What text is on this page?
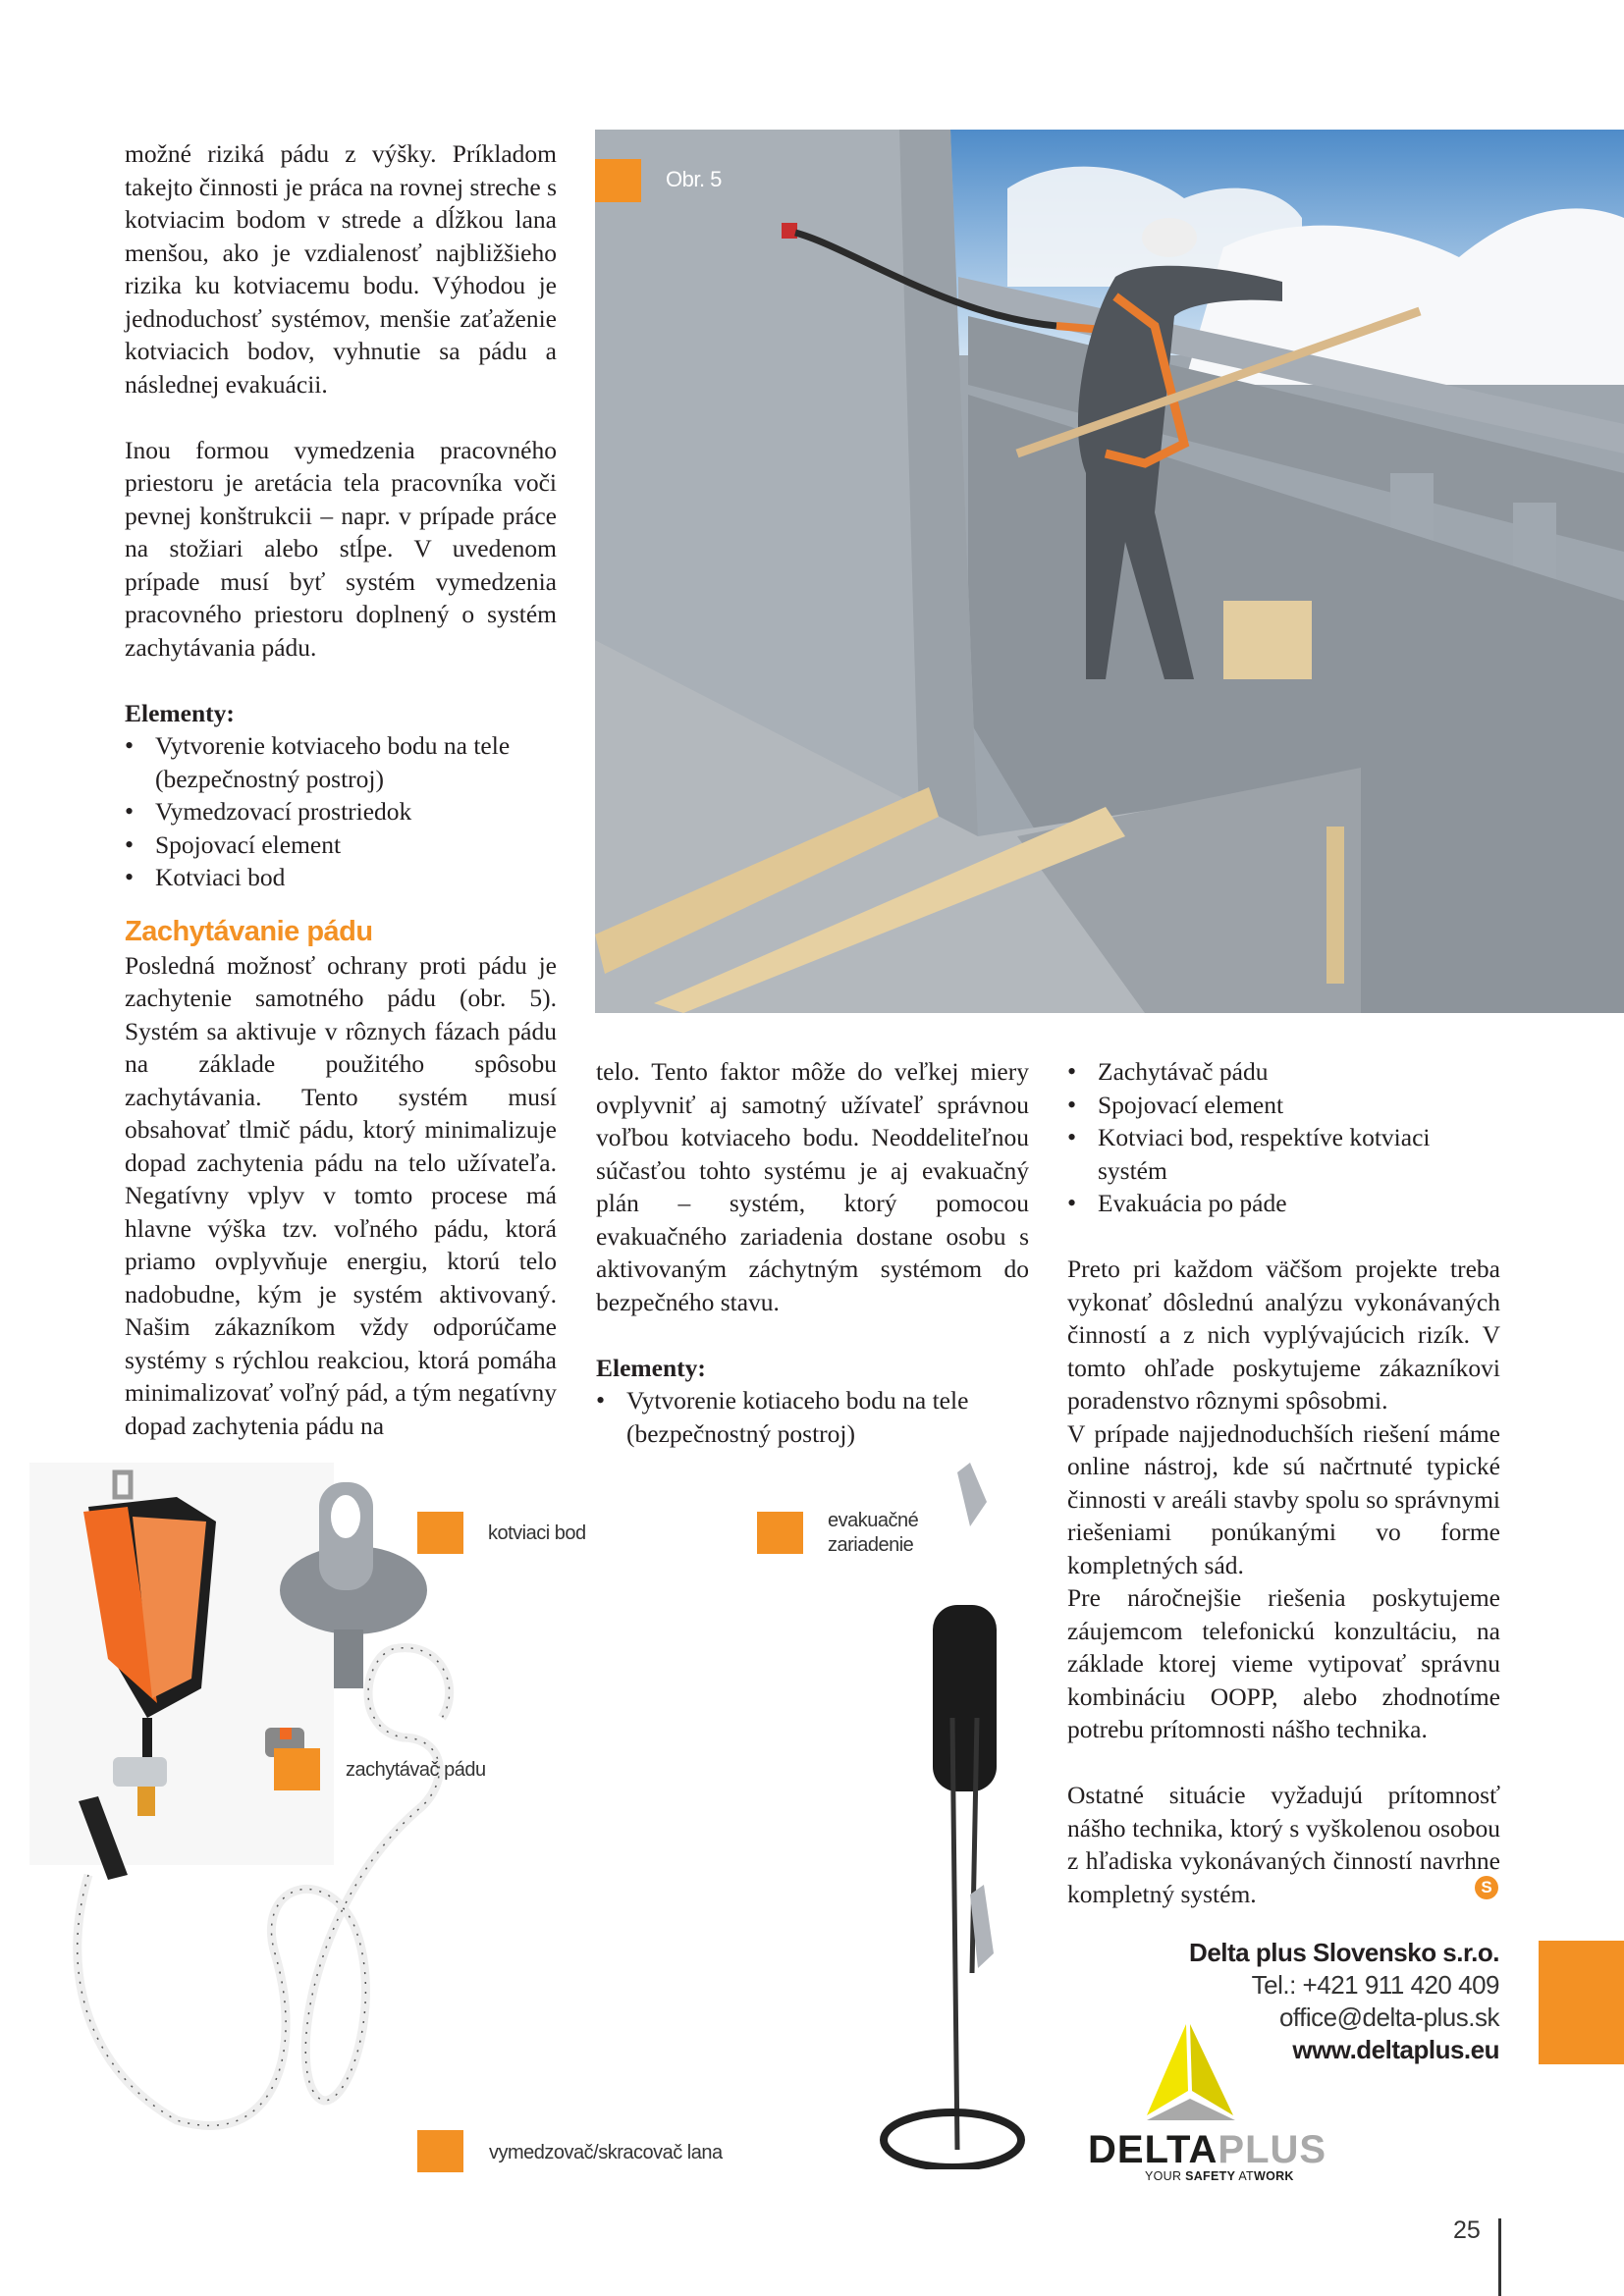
možné riziká pádu z výšky. Príkladom takejto činnosti je práca na rovnej streche s kotviacim bodom v strede a dĺžkou lana menšou, ako je vzdialenosť najbližšieho rizika ku kotviacemu bodu. Výhodou je jednoduchosť systémov, menšie zaťaženie kotviacich bodov, vyhnutie sa pádu a následnej evakuácii.

Inou formou vymedzenia pracovného priestoru je aretácia tela pracovníka voči pevnej konštrukcii – napr. v prípade práce na stožiari alebo stĺpe. V uvedenom prípade musí byť systém vymedzenia pracovného priestoru doplnený o systém zachytávania pádu.

Elementy:

• Vytvorenie kotviaceho bodu na tele (bezpečnostný postroj)
• Vymedzovací prostriedok
• Spojovací element
• Kotviaci bod
Zachytávanie pádu

Posledná možnosť ochrany proti pádu je zachytenie samotného pádu (obr. 5). Systém sa aktivuje v rôznych fázach pádu na základe použitého spôsobu zachytávania. Tento systém musí obsahovať tlmič pádu, ktorý minimalizuje dopad zachytenia pádu na telo užívateľa. Negatívny vplyv v tomto procese má hlavne výška tzv. voľného pádu, ktorá priamo ovplyvňuje energiu, ktorú telo nadobudne, kým je systém aktivovaný. Našim zákazníkom vždy odporúčame systémy s rýchlou reakciou, ktorá pomáha minimalizovať voľný pád, a tým negatívny dopad zachytenia pádu na

Obr. 5

telo. Tento faktor môže do veľkej miery ovplyvniť aj samotný užívateľ správnou voľbou kotviaceho bodu. Neoddeliteľnou súčasťou tohto systému je aj evakuačný plán – systém, ktorý pomocou evakuačného zariadenia dostane osobu s aktivovaným záchytným systémom do bezpečného stavu.

Elementy:

• Vytvorenie kotiaceho bodu na tele (bezpečnostný postroj)
• Zachytávač pádu
• Spojovací element
• Kotviaci bod, respektíve kotviaci systém
• Evakuácia po páde

Preto pri každom väčšom projekte treba vykonať dôslednú analýzu vykonávaných činností a z nich vyplývajúcich rizík. V tomto ohľade poskytujeme zákazníkovi poradenstvo rôznymi spôsobmi.

V prípade najjednoduchších riešení máme online nástroj, kde sú načrtnuté typické činnosti v areáli stavby spolu so správnymi riešeniami ponúkanými vo forme kompletných sád.

Pre náročnejšie riešenia poskytujeme záujemcom telefonickú konzultáciu, na základe ktorej vieme vytipovať správnu kombináciu OOPP, alebo zhodnotíme potrebu prítomnosti nášho technika.

Ostatné situácie vyžadujú prítomnosť nášho technika, ktorý s vyškolenou osobou z hľadiska vykonávaných činností navrhne kompletný systém.	S
kotviaci bod
evakuačné zariadenie
zachytávač pádu
vymedzovač/skracovač lana
Delta plus Slovensko s.r.o.
Tel.: +421 911 420 409
office@delta-plus.sk
www.deltaplus.eu
DELTAPLUS
YOUR SAFETY ATWORK
25
